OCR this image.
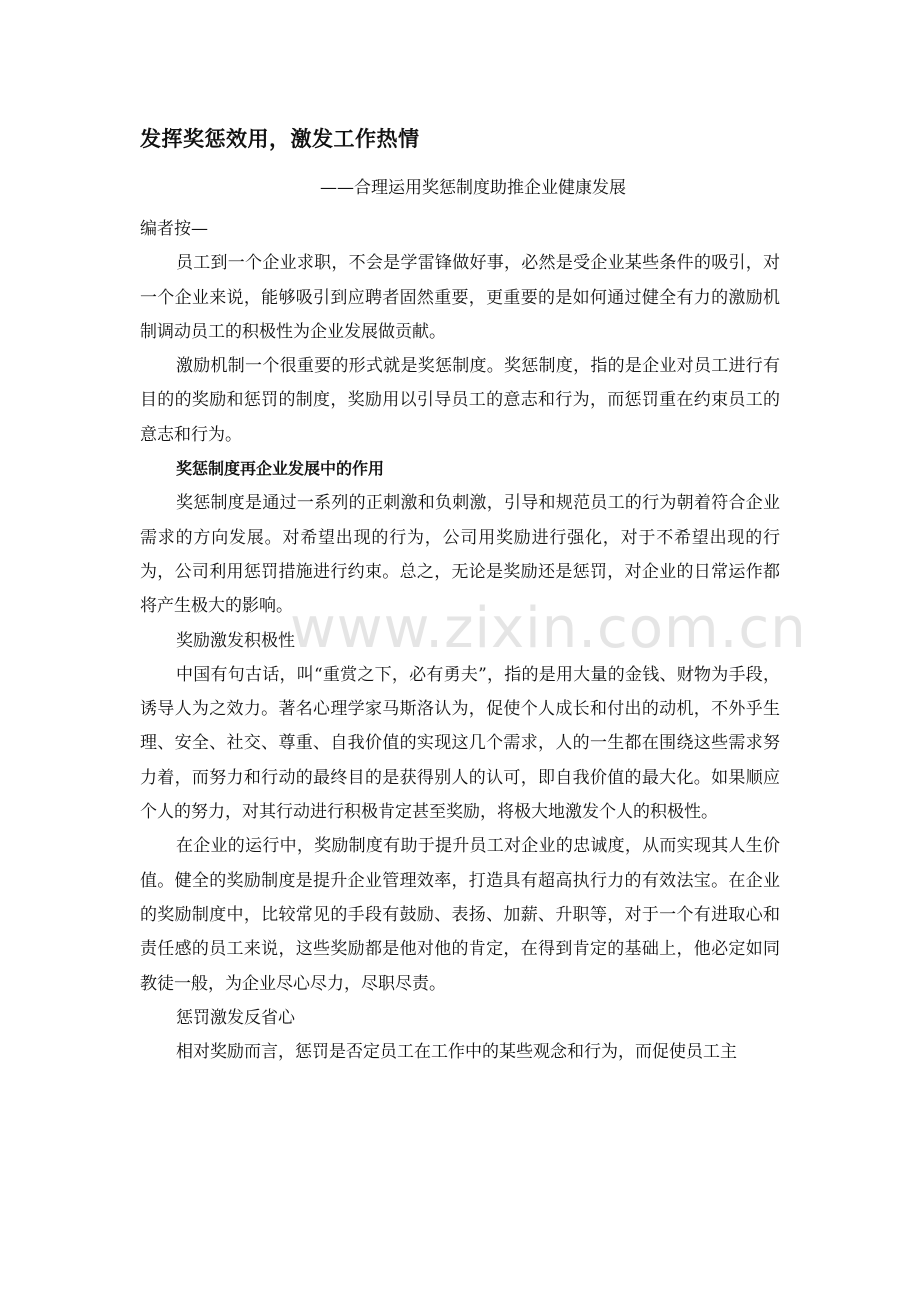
发挥奖惩效用，激发工作热情

——合理运用奖惩制度助推企业健康发展

编者按—

员工到一个企业求职，不会是学雷锋做好事，必然是受企业某些条件的吸引，对一个企业来说，能够吸引到应聘者固然重要，更重要的是如何通过健全有力的激励机制调动员工的积极性为企业发展做贡献。

激励机制一个很重要的形式就是奖惩制度。奖惩制度，指的是企业对员工进行有目的的奖励和惩罚的制度，奖励用以引导员工的意志和行为，而惩罚重在约束员工的意志和行为。

奖惩制度再企业发展中的作用

奖惩制度是通过一系列的正刺激和负刺激，引导和规范员工的行为朝着符合企业需求的方向发展。对希望出现的行为，公司用奖励进行强化，对于不希望出现的行为，公司利用惩罚措施进行约束。总之，无论是奖励还是惩罚，对企业的日常运作都将产生极大的影响。

奖励激发积极性

中国有句古话，叫“重赏之下，必有勇夫”，指的是用大量的金钱、财物为手段，诱导人为之效力。著名心理学家马斯洛认为，促使个人成长和付出的动机，不外乎生理、安全、社交、尊重、自我价值的实现这几个需求，人的一生都在围绕这些需求努力着，而努力和行动的最终目的是获得别人的认可，即自我价值的最大化。如果顺应个人的努力，对其行动进行积极肯定甚至奖励，将极大地激发个人的积极性。

在企业的运行中，奖励制度有助于提升员工对企业的忠诚度，从而实现其人生价值。健全的奖励制度是提升企业管理效率，打造具有超高执行力的有效法宝。在企业的奖励制度中，比较常见的手段有鼓励、表扬、加薪、升职等，对于一个有进取心和责任感的员工来说，这些奖励都是他对他的肯定，在得到肯定的基础上，他必定如同教徒一般，为企业尽心尽力，尽职尽责。

惩罚激发反省心

相对奖励而言，惩罚是否定员工在工作中的某些观念和行为，而促使员工主

www.zixin.com.cn
